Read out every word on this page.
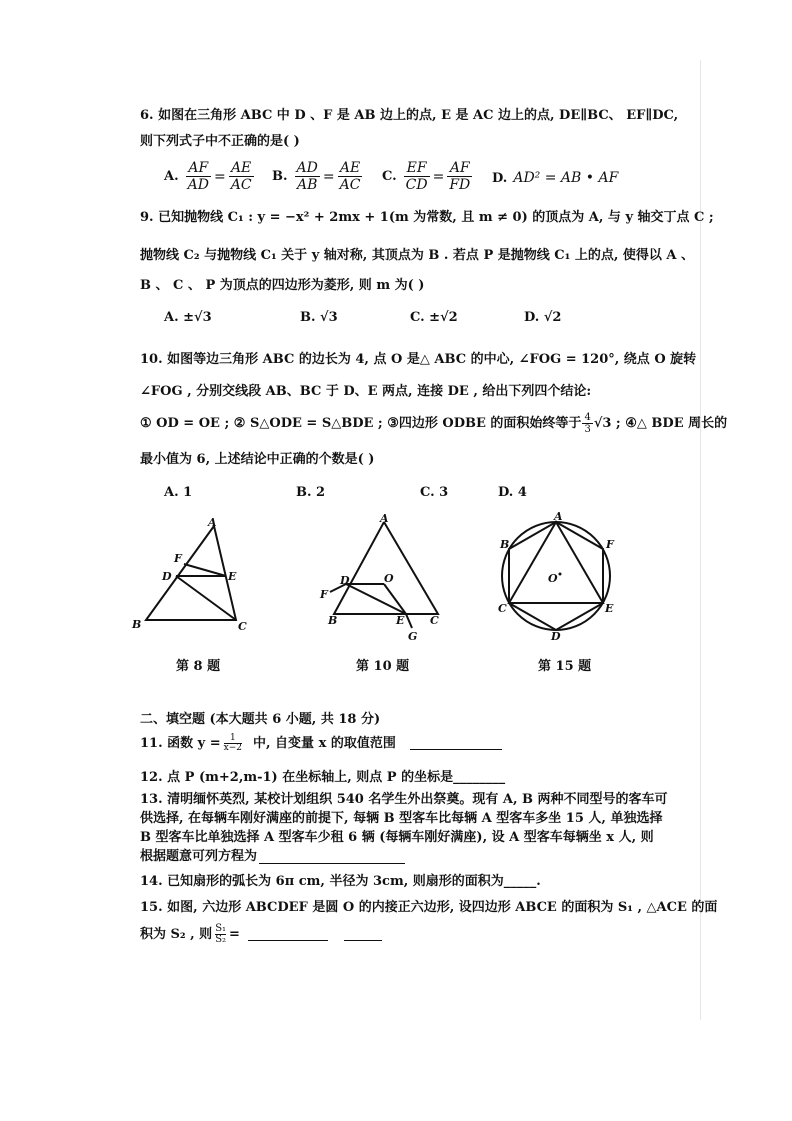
6. 如图在三角形 ABC 中 D 、F 是 AB 边上的点, E 是 AC 边上的点, DE∥BC、 EF∥DC,
则下列式子中不正确的是( )
A. $\frac{AF}{AD} = \frac{AE}{AC} B$. $\frac{AD}{AB} = \frac{AE}{AC} C$. $\frac{EF}{CD} = \frac{AF}{FD} D$. AD² = AB • AF
9. 已知抛物线 C₁ : y = −x² + 2mx + 1(m 为常数, 且 m ≠ 0) 的顶点为 A, 与 y 轴交丁点 C ;
抛物线 C₂ 与抛物线 C₁ 关于 y 轴对称, 其顶点为 B . 若点 P 是抛物线 C₁ 上的点, 使得以 A 、
B 、 C 、 P 为顶点的四边形为菱形, 则 m 为( )
A. ±√3	B. √3	C. ±√2	D. √2
10. 如图等边三角形 ABC 的边长为 4, 点 O 是△ ABC 的中心, ∠FOG = 120°, 绕点 O 旋转
∠FOG , 分别交线段 AB、BC 于 D、E 两点, 连接 DE , 给出下列四个结论:
① OD = OE ; ② S△ODE = S△BDE ; ③四边形 ODBE 的面积始终等于 $\frac{4}{3} √3$ ; ④△ BDE 周长的
最小值为 6, 上述结论中正确的个数是( )
A. 1	B. 2	C. 3	D. 4
A
F
D	E
B	C
第 8 题
A
D	O
F
B	E C
G
第 10 题
A
B	F
O
C	E
D
第 15 题
二、填空题 (本大题共 6 小题, 共 18 分)
11. 函数 $y = \frac{1}{x-2}$ 中, 自变量 x 的取值范围
12. 点 P (m+2,m-1) 在坐标轴上, 则点 P 的坐标是________
13. 清明缅怀英烈, 某校计划组织 540 名学生外出祭奠。现有 A, B 两种不同型号的客车可
供选择, 在每辆车刚好满座的前提下, 每辆 B 型客车比每辆 A 型客车多坐 15 人, 单独选择
B 型客车比单独选择 A 型客车少租 6 辆 (每辆车刚好满座), 设 A 型客车每辆坐 x 人, 则
根据题意可列方程为
14. 已知扇形的弧长为 6π cm, 半径为 3cm, 则扇形的面积为_____.
15. 如图, 六边形 ABCDEF 是圆 O 的内接正六边形, 设四边形 ABCE 的面积为 S₁ , △ACE 的面
积为 S₂ , 则 $\frac{\text{S₁}}{\text{S₂}}$ =
